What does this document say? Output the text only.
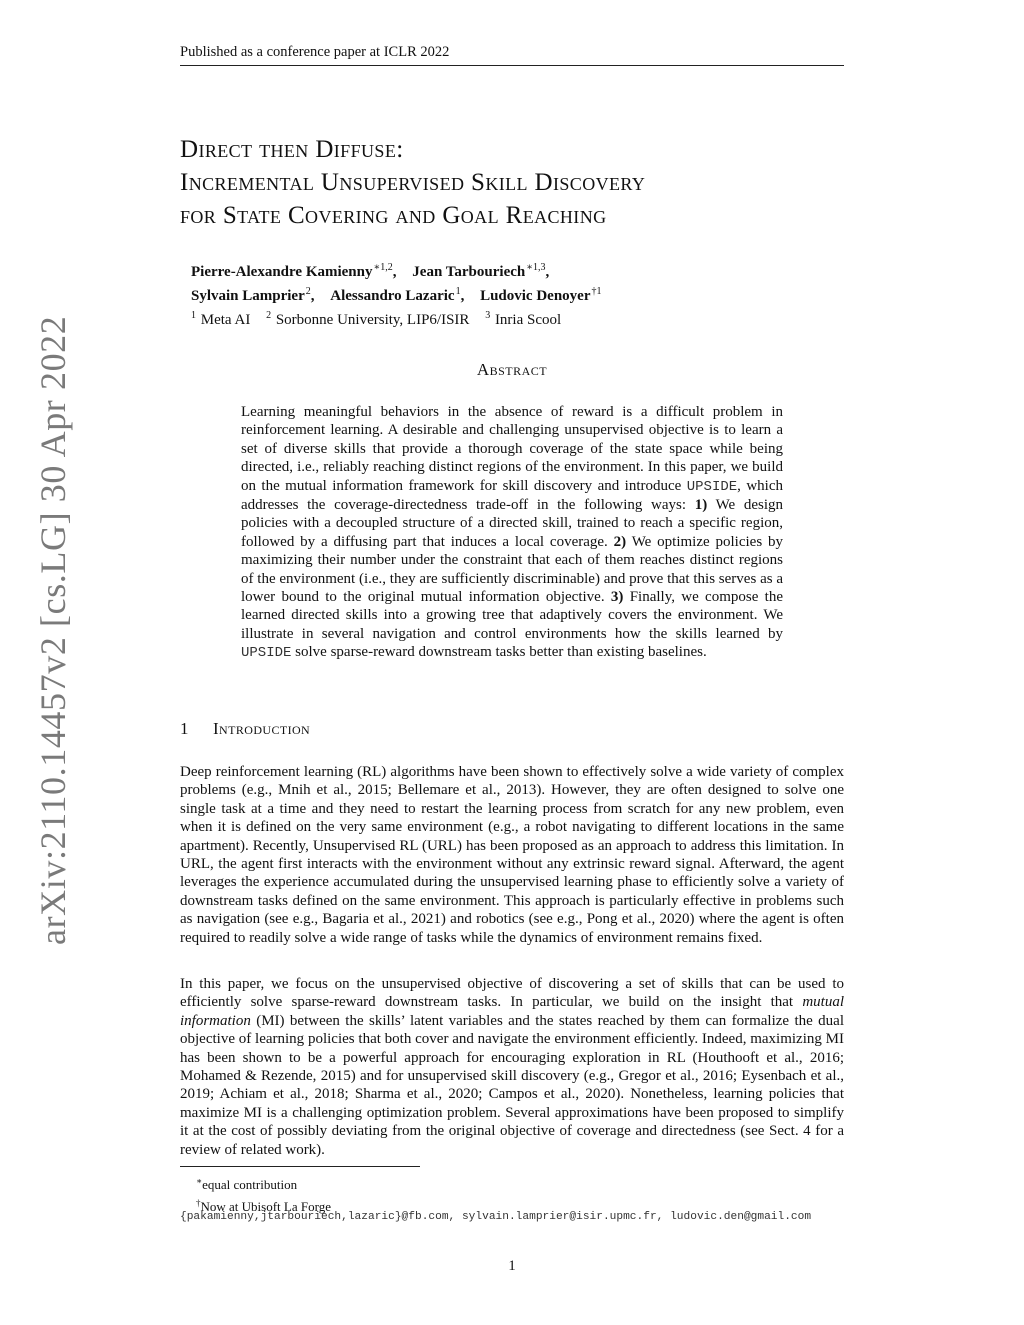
arXiv:2110.14457v2 [cs.LG] 30 Apr 2022
Published as a conference paper at ICLR 2022
Direct then Diffuse:
Incremental Unsupervised Skill Discovery
for State Covering and Goal Reaching
Pierre-Alexandre Kamienny$^{∗1,2}$, Jean Tarbouriech$^{∗1,3}$,
Sylvain Lamprier$^2$, Alessandro Lazaric$^1$, Ludovic Denoyer$^{\dagger 1}$
$^1$ Meta AI $^2$ Sorbonne University, LIP6/ISIR $^3$ Inria Scool
Abstract
Learning meaningful behaviors in the absence of reward is a difficult problem in reinforcement learning. A desirable and challenging unsupervised objective is to learn a set of diverse skills that provide a thorough coverage of the state space while being directed, i.e., reliably reaching distinct regions of the environment. In this paper, we build on the mutual information framework for skill discovery and introduce UPSIDE, which addresses the coverage-directedness trade-off in the following ways: 1) We design policies with a decoupled structure of a directed skill, trained to reach a specific region, followed by a diffusing part that induces a local coverage. 2) We optimize policies by maximizing their number under the constraint that each of them reaches distinct regions of the environment (i.e., they are sufficiently discriminable) and prove that this serves as a lower bound to the original mutual information objective. 3) Finally, we compose the learned directed skills into a growing tree that adaptively covers the environment. We illustrate in several navigation and control environments how the skills learned by UPSIDE solve sparse-reward downstream tasks better than existing baselines.
1 Introduction
Deep reinforcement learning (RL) algorithms have been shown to effectively solve a wide variety of complex problems (e.g., Mnih et al., 2015; Bellemare et al., 2013). However, they are often designed to solve one single task at a time and they need to restart the learning process from scratch for any new problem, even when it is defined on the very same environment (e.g., a robot navigating to different locations in the same apartment). Recently, Unsupervised RL (URL) has been proposed as an approach to address this limitation. In URL, the agent first interacts with the environment without any extrinsic reward signal. Afterward, the agent leverages the experience accumulated during the unsupervised learning phase to efficiently solve a variety of downstream tasks defined on the same environment. This approach is particularly effective in problems such as navigation (see e.g., Bagaria et al., 2021) and robotics (see e.g., Pong et al., 2020) where the agent is often required to readily solve a wide range of tasks while the dynamics of environment remains fixed.
In this paper, we focus on the unsupervised objective of discovering a set of skills that can be used to efficiently solve sparse-reward downstream tasks. In particular, we build on the insight that mutual information (MI) between the skills’ latent variables and the states reached by them can formalize the dual objective of learning policies that both cover and navigate the environment efficiently. Indeed, maximizing MI has been shown to be a powerful approach for encouraging exploration in RL (Houthooft et al., 2016; Mohamed & Rezende, 2015) and for unsupervised skill discovery (e.g., Gregor et al., 2016; Eysenbach et al., 2019; Achiam et al., 2018; Sharma et al., 2020; Campos et al., 2020). Nonetheless, learning policies that maximize MI is a challenging optimization problem. Several approximations have been proposed to simplify it at the cost of possibly deviating from the original objective of coverage and directedness (see Sect. 4 for a review of related work).
∗equal contribution
†Now at Ubisoft La Forge
{pakamienny,jtarbouriech,lazaric}@fb.com, sylvain.lamprier@isir.upmc.fr, ludovic.den@gmail.com
1
